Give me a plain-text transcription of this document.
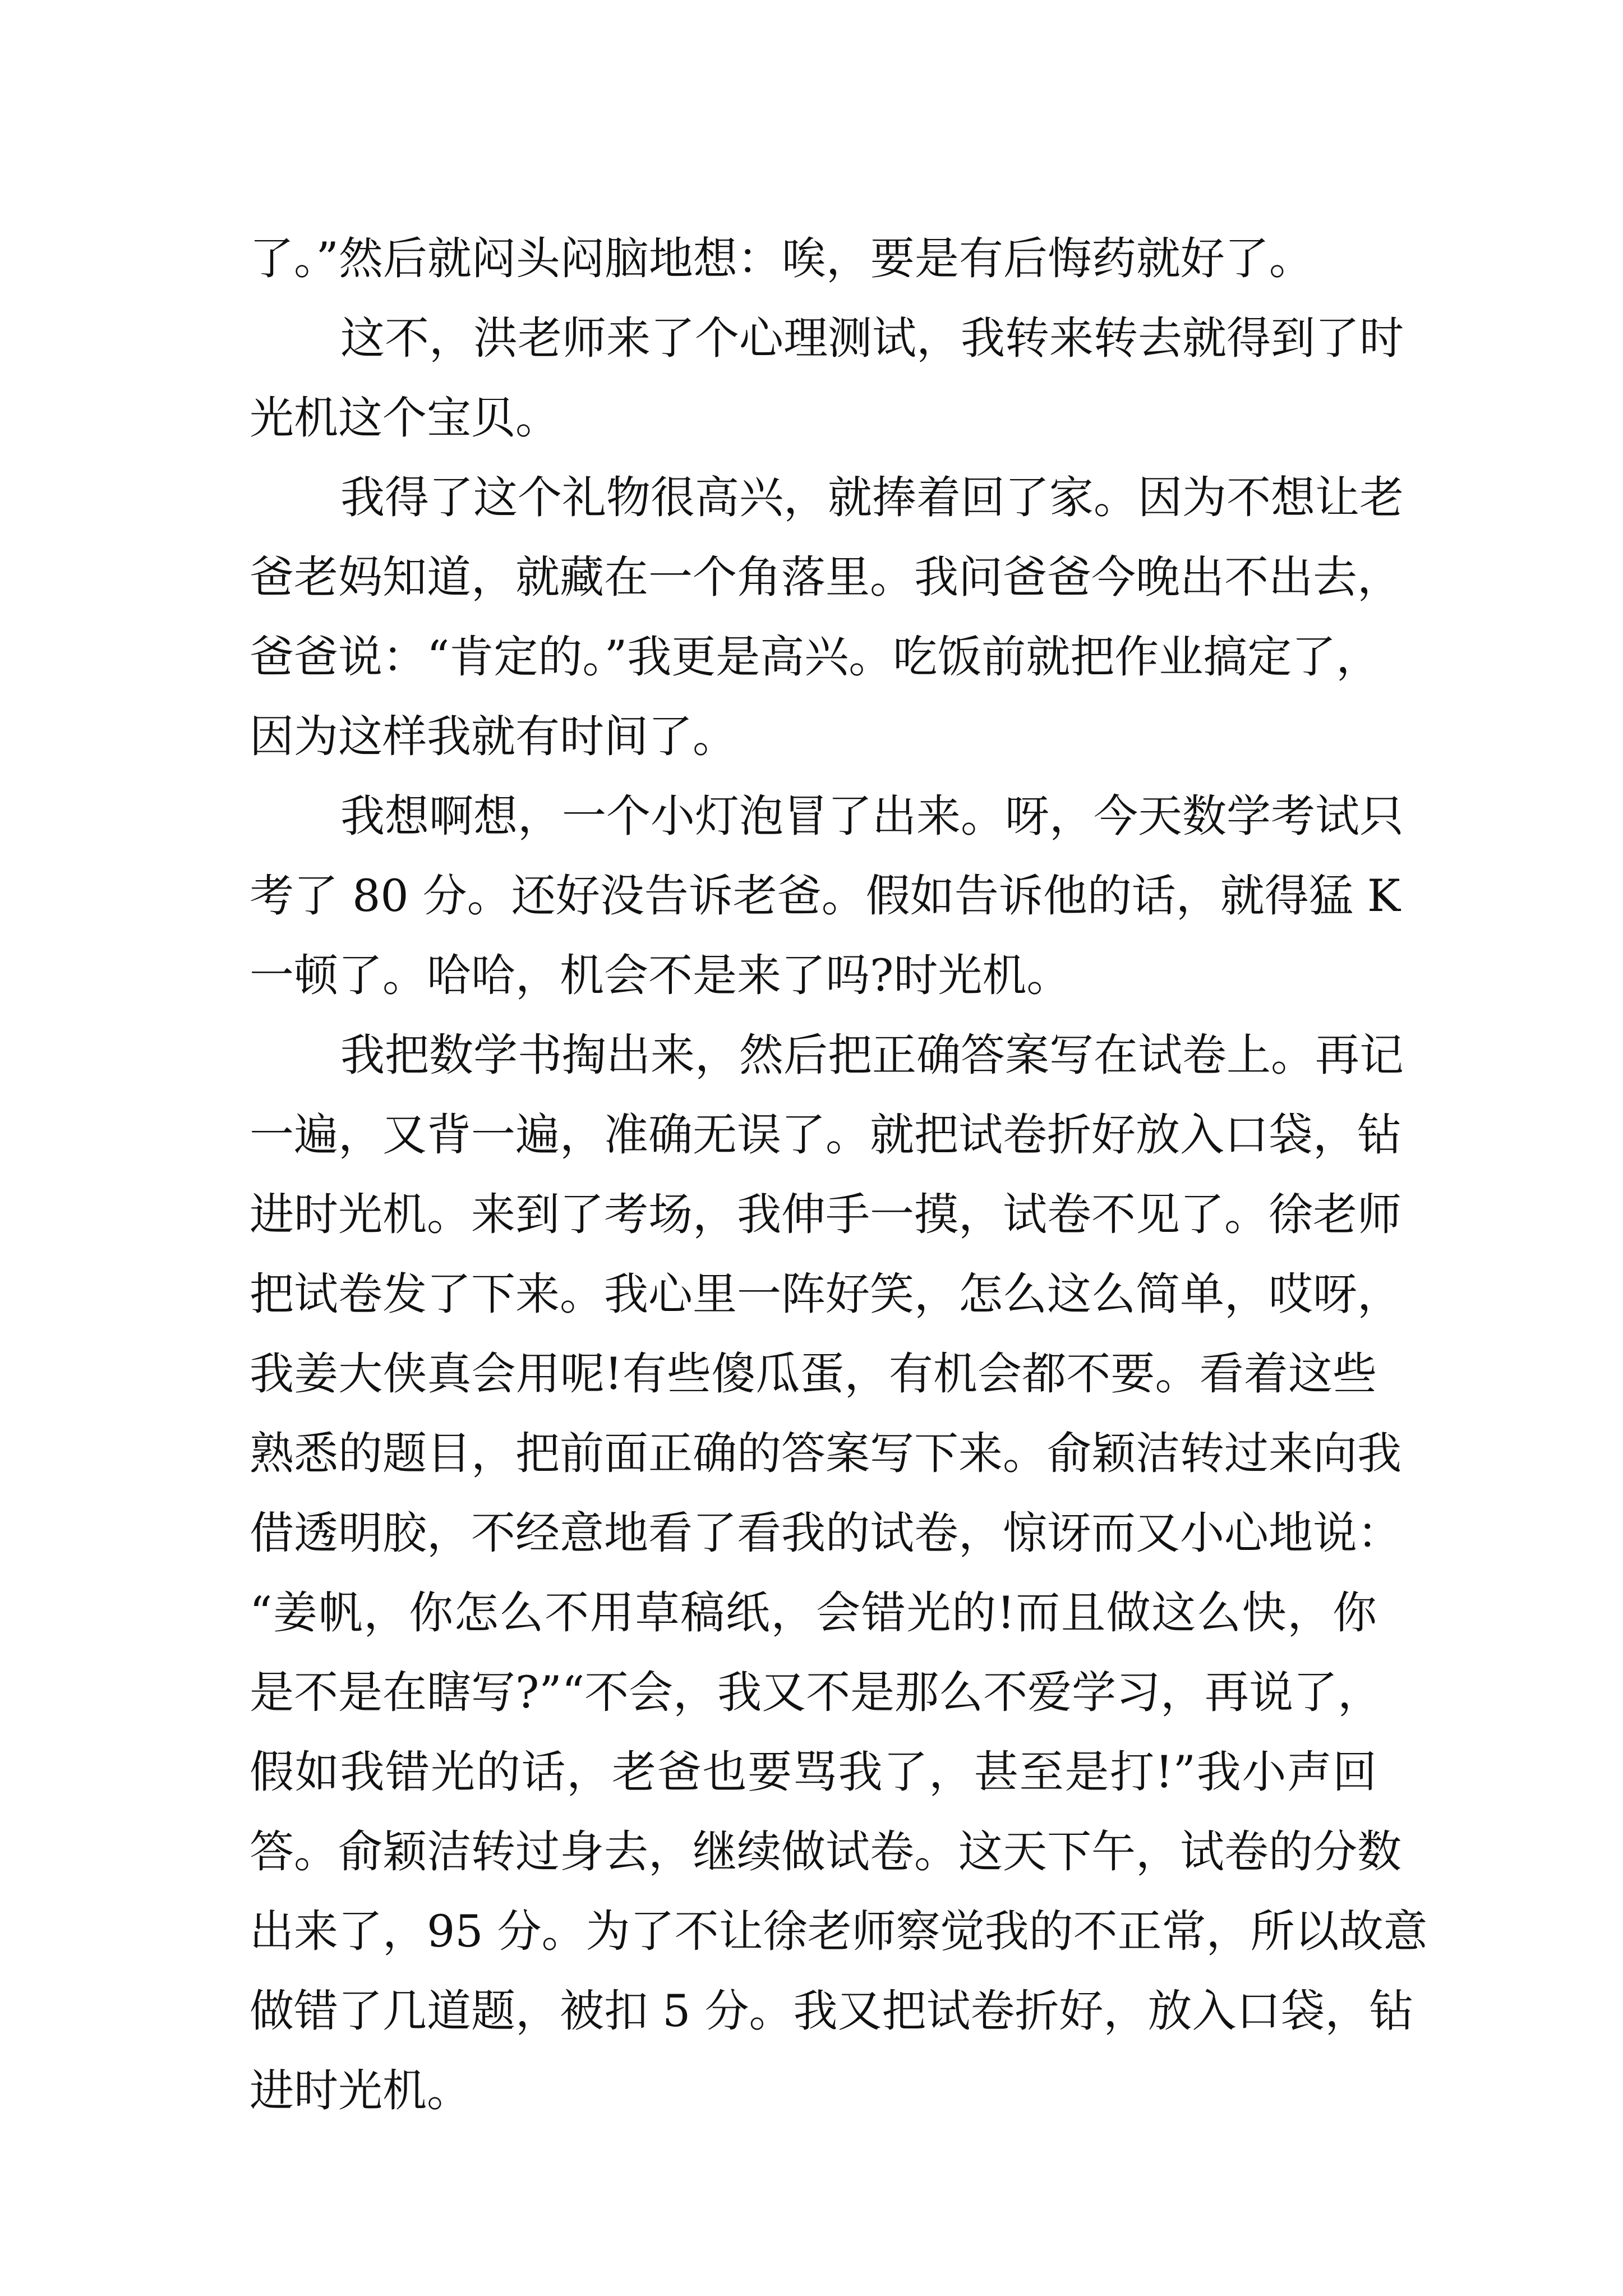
了。”然后就闷头闷脑地想：唉，要是有后悔药就好了。
这不，洪老师来了个心理测试，我转来转去就得到了时
光机这个宝贝。
我得了这个礼物很高兴，就捧着回了家。因为不想让老
爸老妈知道，就藏在一个角落里。我问爸爸今晚出不出去，
爸爸说：“肯定的。”我更是高兴。吃饭前就把作业搞定了，
因为这样我就有时间了。
我想啊想，一个小灯泡冒了出来。呀，今天数学考试只
考了 80 分。还好没告诉老爸。假如告诉他的话，就得猛 K
一顿了。哈哈，机会不是来了吗?时光机。
我把数学书掏出来，然后把正确答案写在试卷上。再记
一遍，又背一遍，准确无误了。就把试卷折好放入口袋，钻
进时光机。来到了考场，我伸手一摸，试卷不见了。徐老师
把试卷发了下来。我心里一阵好笑，怎么这么简单，哎呀，
我姜大侠真会用呢!有些傻瓜蛋，有机会都不要。看着这些
熟悉的题目，把前面正确的答案写下来。俞颖洁转过来向我
借透明胶，不经意地看了看我的试卷，惊讶而又小心地说：
“姜帆，你怎么不用草稿纸，会错光的!而且做这么快，你
是不是在瞎写?”“不会，我又不是那么不爱学习，再说了，
假如我错光的话，老爸也要骂我了，甚至是打!”我小声回
答。俞颖洁转过身去，继续做试卷。这天下午，试卷的分数
出来了，95 分。为了不让徐老师察觉我的不正常，所以故意
做错了几道题，被扣 5 分。我又把试卷折好，放入口袋，钻
进时光机。
